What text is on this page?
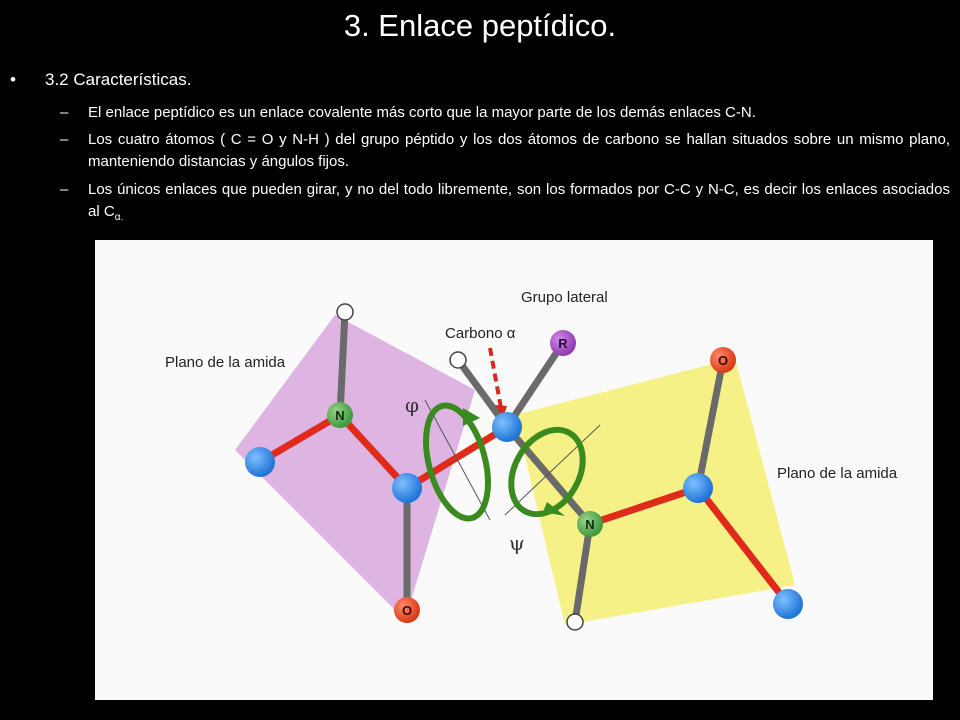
3. Enlace peptídico.
• 3.2 Características.
– El enlace peptídico es un enlace covalente más corto que la mayor parte de los demás enlaces C-N.
– Los cuatro átomos ( C = O y N-H ) del grupo péptido y los dos átomos de carbono se hallan situados sobre un mismo plano, manteniendo distancias y ángulos fijos.
– Los únicos enlaces que pueden girar, y no del todo libremente, son los formados por C-C y N-C, es decir los enlaces asociados al $C_{\alpha.}$
N
N
O
O
R
φ
ψ
Grupo lateral
Carbono α
Plano de la amida
Plano de la amida
